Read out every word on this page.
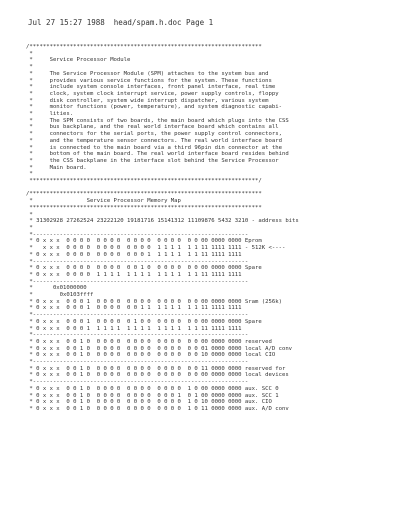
Jul 27 15:27 1988 head/spam.h.doc Page 1
/*********************************************************************
*
*     Service Processor Module
*
*     The Service Processor Module (SPM) attaches to the system bus and
*     provides various service functions for the system. These functions
*     include system console interfaces, front panel interface, real time
*     clock, system clock interrupt service, power supply controls, floppy
*     disk controller, system wide interrupt dispatcher, various system
*     monitor functions (power, temperature), and system diagnostic capabi-
*     lities.
*     The SPM consists of two boards, the main board which plugs into the CSS
*     bus backplane, and the real world interface board which contains all
*     connectors for the serial ports, the power supply control connectors,
*     and the temperature sensor connectors. The real world interface board
*     is connected to the main board via a third 96pin din connector at the
*     bottom of the main board. The real world interface board resides behind
*     the CSS backplane in the interface slot behind the Service Processor
*     Main board.
*
********************************************************************/

/*********************************************************************
*                Service Processor Memory Map
*********************************************************************
*
* 31302928 27262524 23222120 19181716 15141312 11109876 5432 3210 - address bits
*
*----------------------------------------------------------------
* 0 x x x  0 0 0 0  0 0 0 0  0 0 0 0  0 0 0 0  0 0 00 0000 0000 Eprom
*   x x x  0 0 0 0  0 0 0 0  0 0 0 0  1 1 1 1  1 1 11 1111 1111 - 512K <----
* 0 x x x  0 0 0 0  0 0 0 0  0 0 0 1  1 1 1 1  1 1 11 1111 1111
*----------------------------------------------------------------
* 0 x x x  0 0 0 0  0 0 0 0  0 0 1 0  0 0 0 0  0 0 00 0000 0000 Spare
* 0 x x x  0 0 0 0  1 1 1 1  1 1 1 1  1 1 1 1  1 1 11 1111 1111
*----------------------------------------------------------------
*      0x01000000
*        0x0103ffff
* 0 x x x  0 0 0 1  0 0 0 0  0 0 0 0  0 0 0 0  0 0 00 0000 0000 Sram (256k)
* 0 x x x  0 0 0 1  0 0 0 0  0 0 1 1  1 1 1 1  1 1 11 1111 1111
*----------------------------------------------------------------
* 0 x x x  0 0 0 1  0 0 0 0  0 1 0 0  0 0 0 0  0 0 00 0000 0000 Spare
* 0 x x x  0 0 0 1  1 1 1 1  1 1 1 1  1 1 1 1  1 1 11 1111 1111
*----------------------------------------------------------------
* 0 x x x  0 0 1 0  0 0 0 0  0 0 0 0  0 0 0 0  0 0 00 0000 0000 reserved
* 0 x x x  0 0 1 0  0 0 0 0  0 0 0 0  0 0 0 0  0 0 01 0000 0000 local A/D conv
* 0 x x x  0 0 1 0  0 0 0 0  0 0 0 0  0 0 0 0  0 0 10 0000 0000 local CIO
*----------------------------------------------------------------
* 0 x x x  0 0 1 0  0 0 0 0  0 0 0 0  0 0 0 0  0 0 11 0000 0000 reserved for
* 0 x x x  0 0 1 0  0 0 0 0  0 0 0 0  0 0 0 0  0 0 00 0000 0000 local devices
*----------------------------------------------------------------
* 0 x x x  0 0 1 0  0 0 0 0  0 0 0 0  0 0 0 0  1 0 00 0000 0000 aux. SCC 0
* 0 x x x  0 0 1 0  0 0 0 0  0 0 0 0  0 0 0 1  0 1 00 0000 0000 aux. SCC 1
* 0 x x x  0 0 1 0  0 0 0 0  0 0 0 0  0 0 0 0  1 0 10 0000 0000 aux. CIO
* 0 x x x  0 0 1 0  0 0 0 0  0 0 0 0  0 0 0 0  1 0 11 0000 0000 aux. A/D conv
